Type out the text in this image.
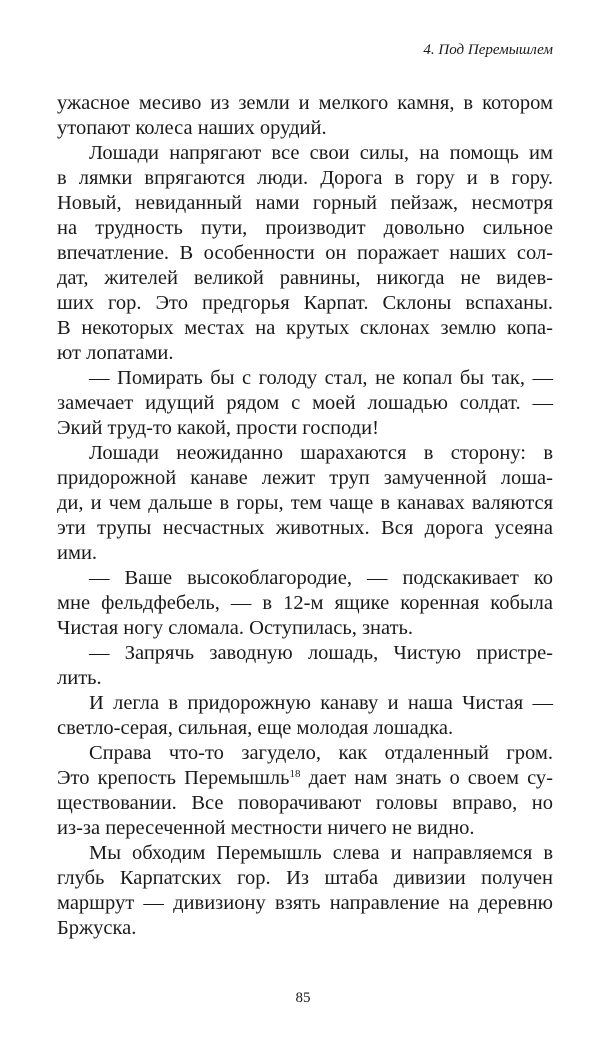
4. Под Перемышлем
ужасное месиво из земли и мелкого камня, в котором
утопают колеса наших орудий.
Лошади напрягают все свои силы, на помощь им
в лямки впрягаются люди. Дорога в гору и в гору.
Новый, невиданный нами горный пейзаж, несмотря
на трудность пути, производит довольно сильное
впечатление. В особенности он поражает наших сол-
дат, жителей великой равнины, никогда не видев-
ших гор. Это предгорья Карпат. Склоны вспаханы.
В некоторых местах на крутых склонах землю копа-
ют лопатами.
— Помирать бы с голоду стал, не копал бы так, —
замечает идущий рядом с моей лошадью солдат. —
Экий труд-то какой, прости господи!
Лошади неожиданно шарахаются в сторону: в
придорожной канаве лежит труп замученной лоша-
ди, и чем дальше в горы, тем чаще в канавах валяются
эти трупы несчастных животных. Вся дорога усеяна
ими.
— Ваше высокоблагородие, — подскакивает ко
мне фельдфебель, — в 12-м ящике коренная кобыла
Чистая ногу сломала. Оступилась, знать.
— Запрячь заводную лошадь, Чистую пристре-
лить.
И легла в придорожную канаву и наша Чистая —
светло-серая, сильная, еще молодая лошадка.
Справа что-то загудело, как отдаленный гром.
Это крепость Перемышль$^{18}$ дает нам знать о своем су-
ществовании. Все поворачивают головы вправо, но
из-за пересеченной местности ничего не видно.
Мы обходим Перемышль слева и направляемся в
глубь Карпатских гор. Из штаба дивизии получен
маршрут — дивизиону взять направление на деревню
Бржуска.
85
